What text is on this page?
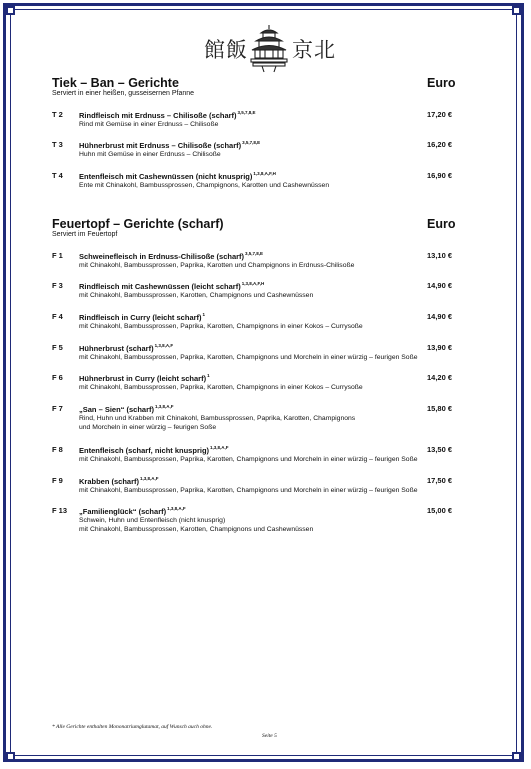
館飯 京北
Tiek – Ban – Gerichte	Euro
Serviert in einer heißen, gusseisernen Pfanne
T 2 Rindfleisch mit Erdnuss – Chilisoße (scharf)$^{3,5,7,8,E}$	17,20 €
Rind mit Gemüse in einer Erdnuss – Chilisoße
T 3 Hühnerbrust mit Erdnuss – Chilisoße (scharf)$^{3,5,7,8,E}$	16,20 €
Huhn mit Gemüse in einer Erdnuss – Chilisoße
T 4 Entenfleisch mit Cashewnüssen (nicht knusprig)$^{1,3,8,A,F,H}$	16,90 €
Ente mit Chinakohl, Bambussprossen, Champignons, Karotten und Cashewnüssen
Feuertopf – Gerichte (scharf)	Euro
Serviert im Feuertopf
F 1 Schweinefleisch in Erdnuss-Chilisoße (scharf)$^{3,5,7,8,E}$	13,10 €
mit Chinakohl, Bambussprossen, Paprika, Karotten und Champignons in Erdnuss-Chilisoße
F 3 Rindfleisch mit Cashewnüssen (leicht scharf)$^{1,3,8,A,F,H}$	14,90 €
mit Chinakohl, Bambussprossen, Karotten, Champignons und Cashewnüssen
F 4 Rindfleisch in Curry (leicht scharf)$^1$	14,90 €
mit Chinakohl, Bambussprossen, Paprika, Karotten, Champignons in einer Kokos – Currysoße
F 5 Hühnerbrust (scharf)$^{1,3,8,A,F}$	13,90 €
mit Chinakohl, Bambussprossen, Paprika, Karotten, Champignons und Morcheln in einer würzig – feurigen Soße
F 6 Hühnerbrust in Curry (leicht scharf)$^1$	14,20 €
mit Chinakohl, Bambussprossen, Paprika, Karotten, Champignons in einer Kokos – Currysoße
F 7 „San – Sien“ (scharf)$^{1,3,8,A,F}$	15,80 €
Rind, Huhn und Krabben mit Chinakohl, Bambussprossen, Paprika, Karotten, Champignons
und Morcheln in einer würzig – feurigen Soße
F 8 Entenfleisch (scharf, nicht knusprig)$^{1,3,8,A,F}$	13,50 €
mit Chinakohl, Bambussprossen, Paprika, Karotten, Champignons und Morcheln in einer würzig – feurigen Soße
F 9 Krabben (scharf)$^{1,3,8,A,F}$	17,50 €
mit Chinakohl, Bambussprossen, Paprika, Karotten, Champignons und Morcheln in einer würzig – feurigen Soße
F 13 „Familienglück“ (scharf)$^{1,3,8,A,F}$	15,00 €
Schwein, Huhn und Entenfleisch (nicht knusprig)
mit Chinakohl, Bambussprossen, Karotten, Champignons und Cashewnüssen
* Alle Gerichte enthalten Mononatriumglutamat, auf Wunsch auch ohne.
Seite 5
